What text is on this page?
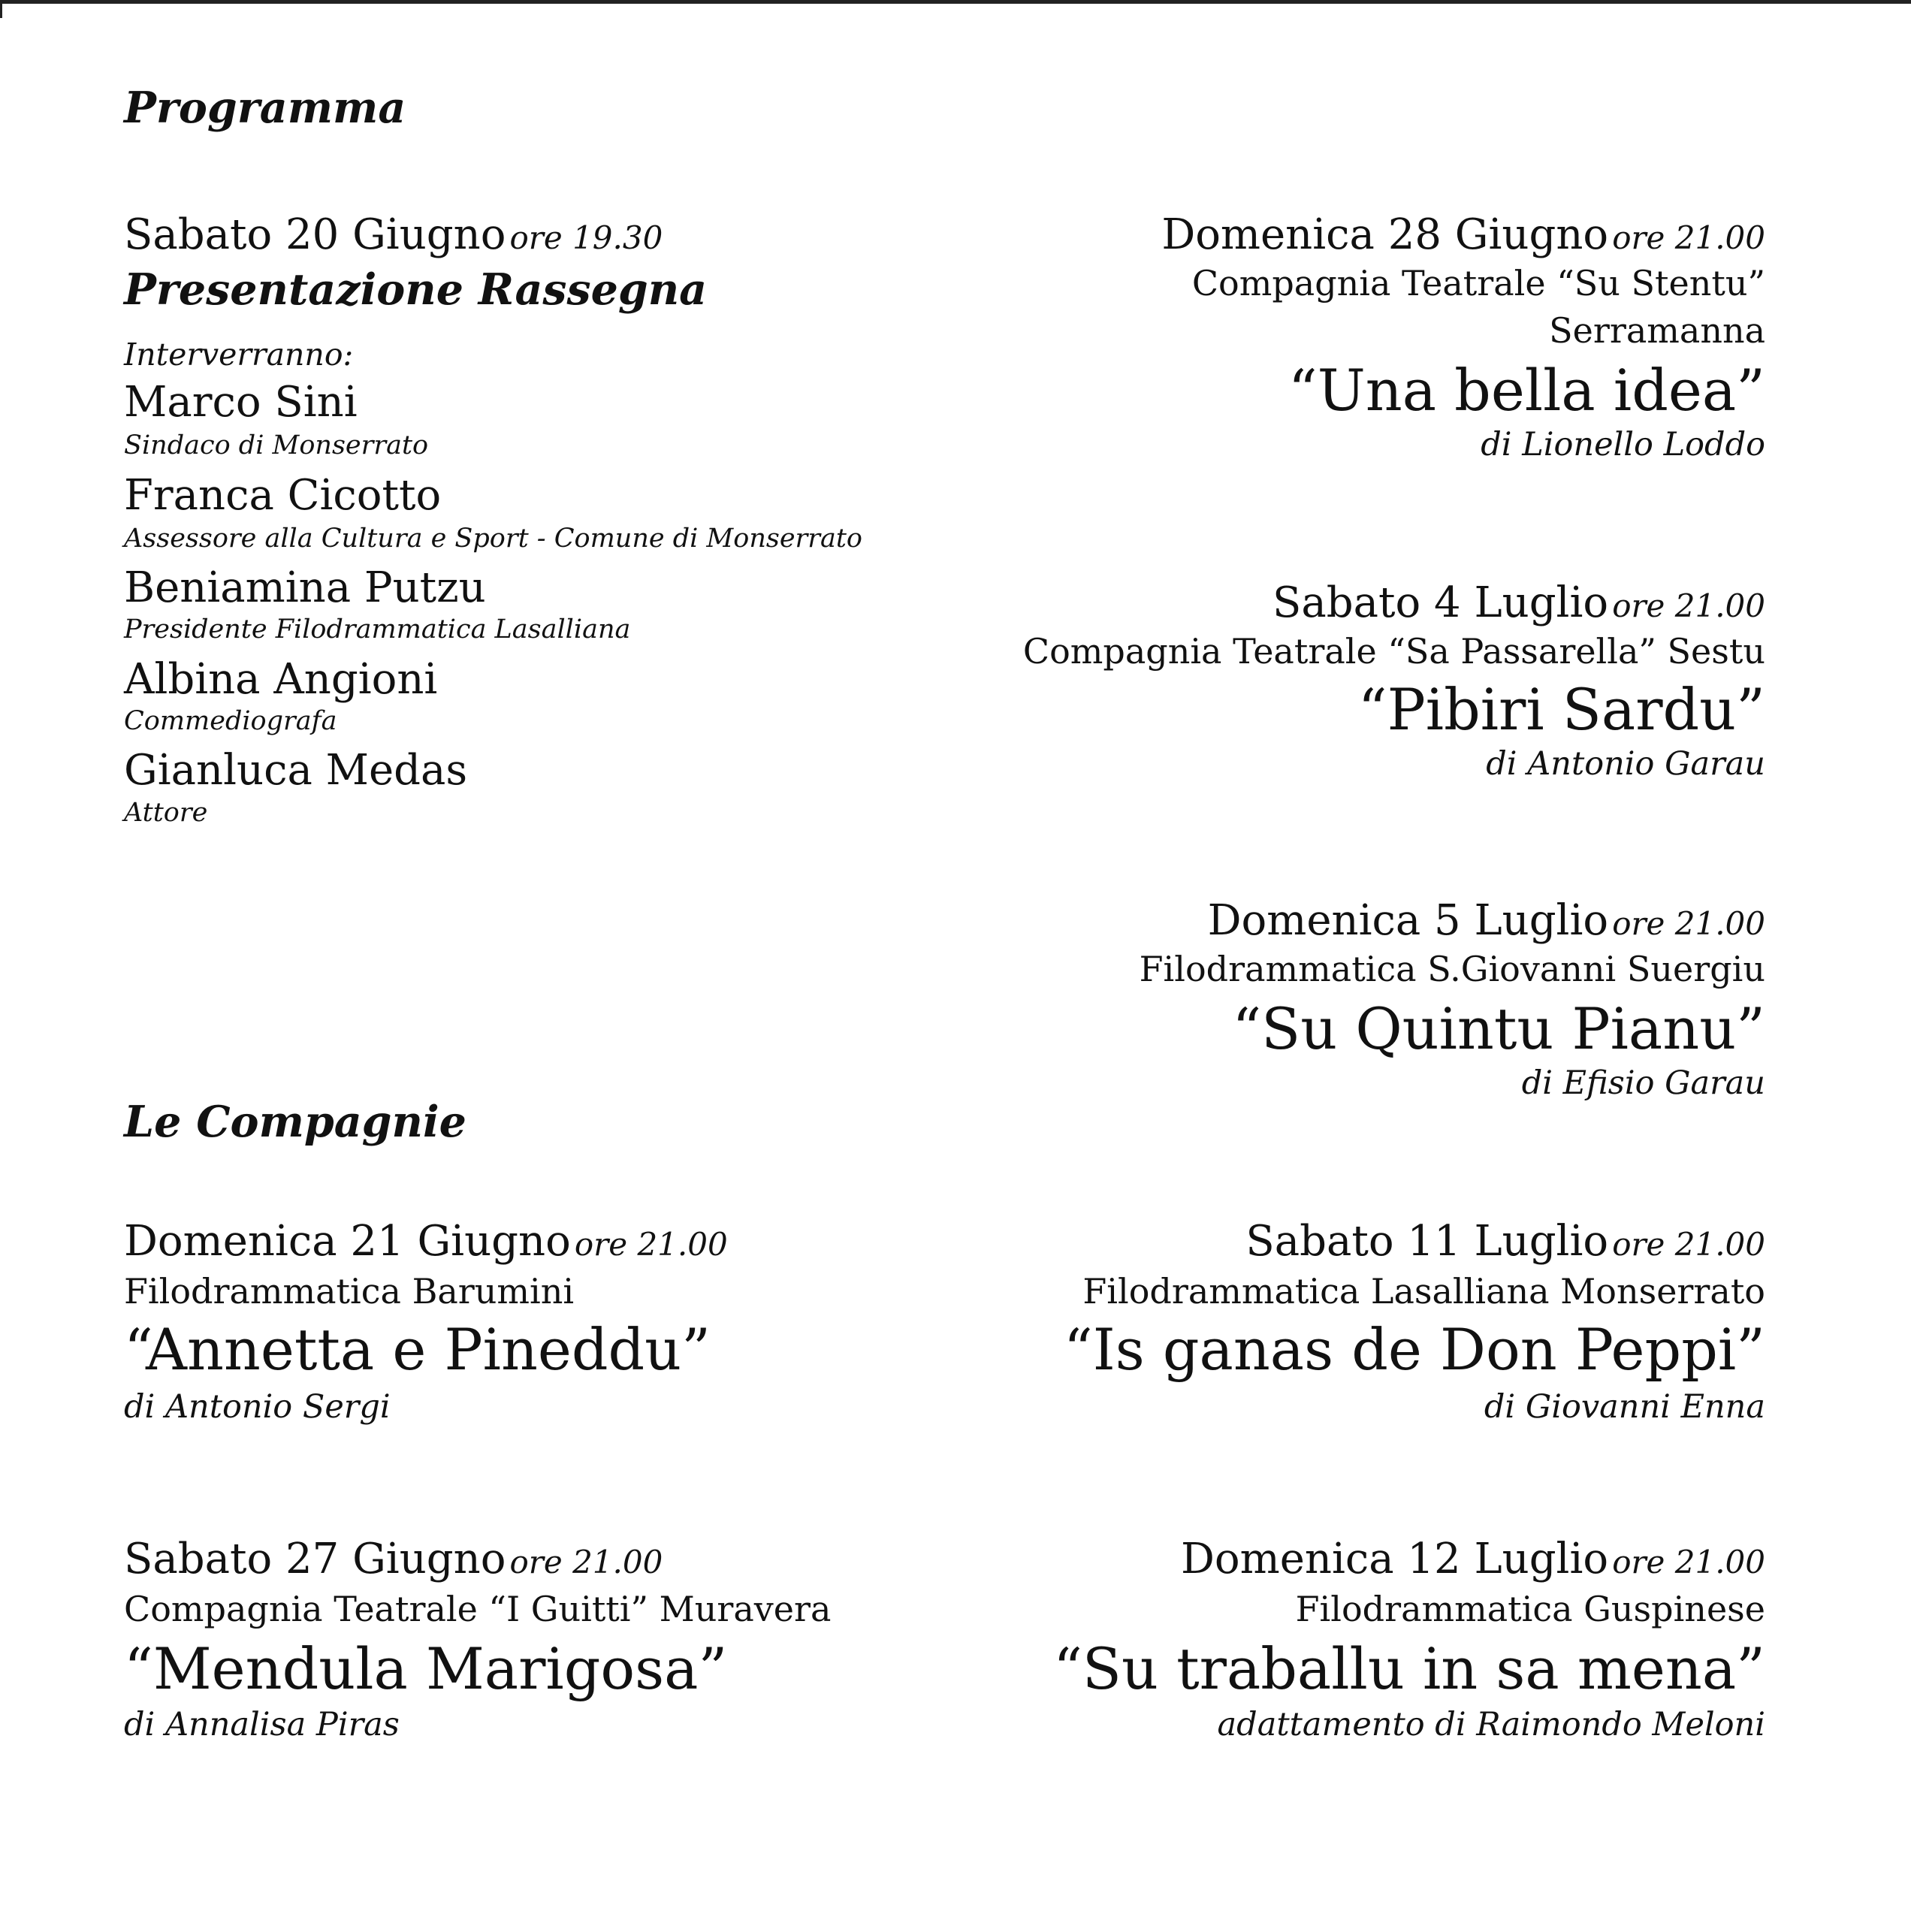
Programma
Sabato 20 Giugno ore 19.30
Presentazione Rassegna
Interverranno:
Marco Sini
Sindaco di Monserrato
Franca Cicotto
Assessore alla Cultura e Sport - Comune di Monserrato
Beniamina Putzu
Presidente Filodrammatica Lasalliana
Albina Angioni
Commediografa
Gianluca Medas
Attore
Le Compagnie
Domenica 21 Giugno ore 21.00
Filodrammatica Barumini
“Annetta e Pineddu”
di Antonio Sergi
Sabato 27 Giugno ore 21.00
Compagnia Teatrale “I Guitti” Muravera
“Mendula Marigosa”
di Annalisa Piras
Domenica 28 Giugno ore 21.00
Compagnia Teatrale “Su Stentu”
Serramanna
“Una bella idea”
di Lionello Loddo
Sabato 4 Luglio ore 21.00
Compagnia Teatrale “Sa Passarella” Sestu
“Pibiri Sardu”
di Antonio Garau
Domenica 5 Luglio ore 21.00
Filodrammatica S.Giovanni Suergiu
“Su Quintu Pianu”
di Efisio Garau
Sabato 11 Luglio ore 21.00
Filodrammatica Lasalliana Monserrato
“Is ganas de Don Peppi”
di Giovanni Enna
Domenica 12 Luglio ore 21.00
Filodrammatica Guspinese
“Su traballu in sa mena”
adattamento di Raimondo Meloni
